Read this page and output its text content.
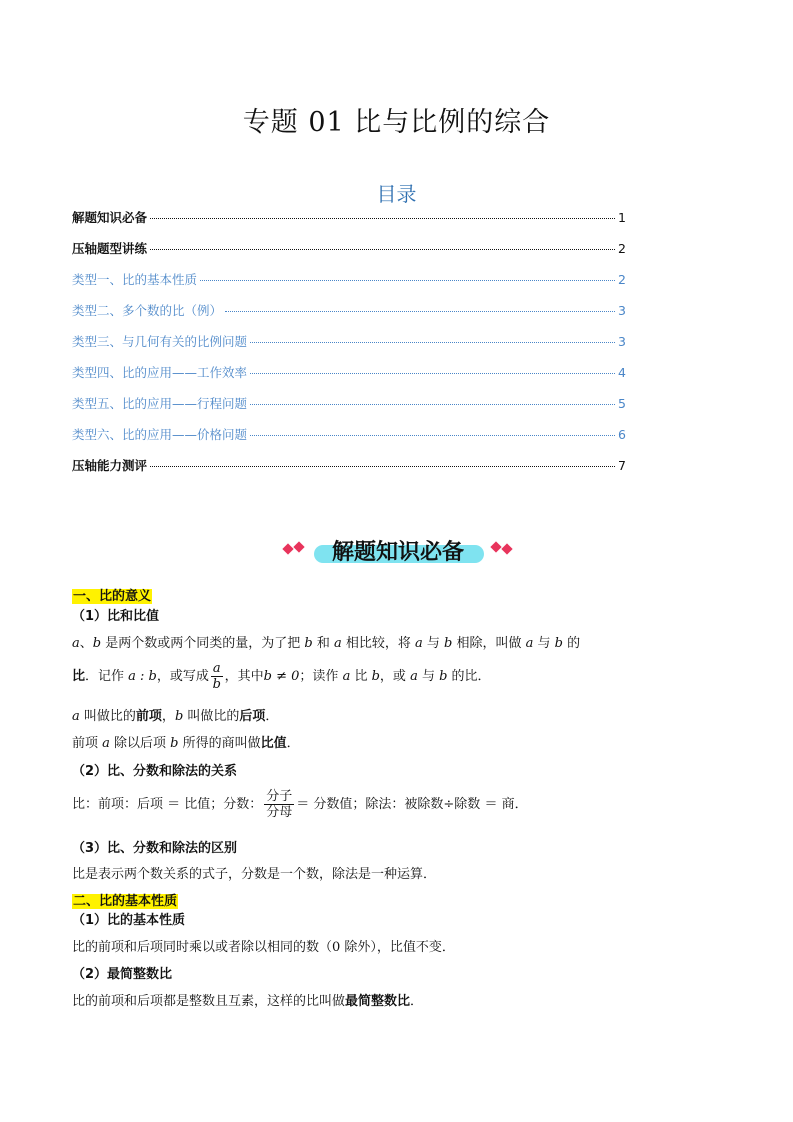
专题 01 比与比例的综合
目录
解题知识必备	1
压轴题型讲练	2
类型一、比的基本性质	2
类型二、多个数的比（例）	3
类型三、与几何有关的比例问题	3
类型四、比的应用——工作效率	4
类型五、比的应用——行程问题	5
类型六、比的应用——价格问题	6
压轴能力测评	7
解题知识必备
一、比的意义
（1）比和比值
a、b 是两个数或两个同类的量，为了把 b 和 a 相比较，将 a 与 b 相除，叫做 a 与 b 的
比．记作 a : b，或写成 $\frac{a}{b}$ ，其中b ≠ 0；读作 a 比 b，或 a 与 b 的比．
a 叫做比的前项，b 叫做比的后项．
前项 a 除以后项 b 所得的商叫做比值．
（2）比、分数和除法的关系
比：前项：后项 ＝ 比值；分数： $\frac{\text{分子}}{\text{分母}}$ ＝ 分数值；除法：被除数÷除数 ＝ 商．
（3）比、分数和除法的区别
比是表示两个数关系的式子，分数是一个数，除法是一种运算．
二、比的基本性质
（1）比的基本性质
比的前项和后项同时乘以或者除以相同的数（0 除外），比值不变．
（2）最简整数比
比的前项和后项都是整数且互素，这样的比叫做最简整数比．
